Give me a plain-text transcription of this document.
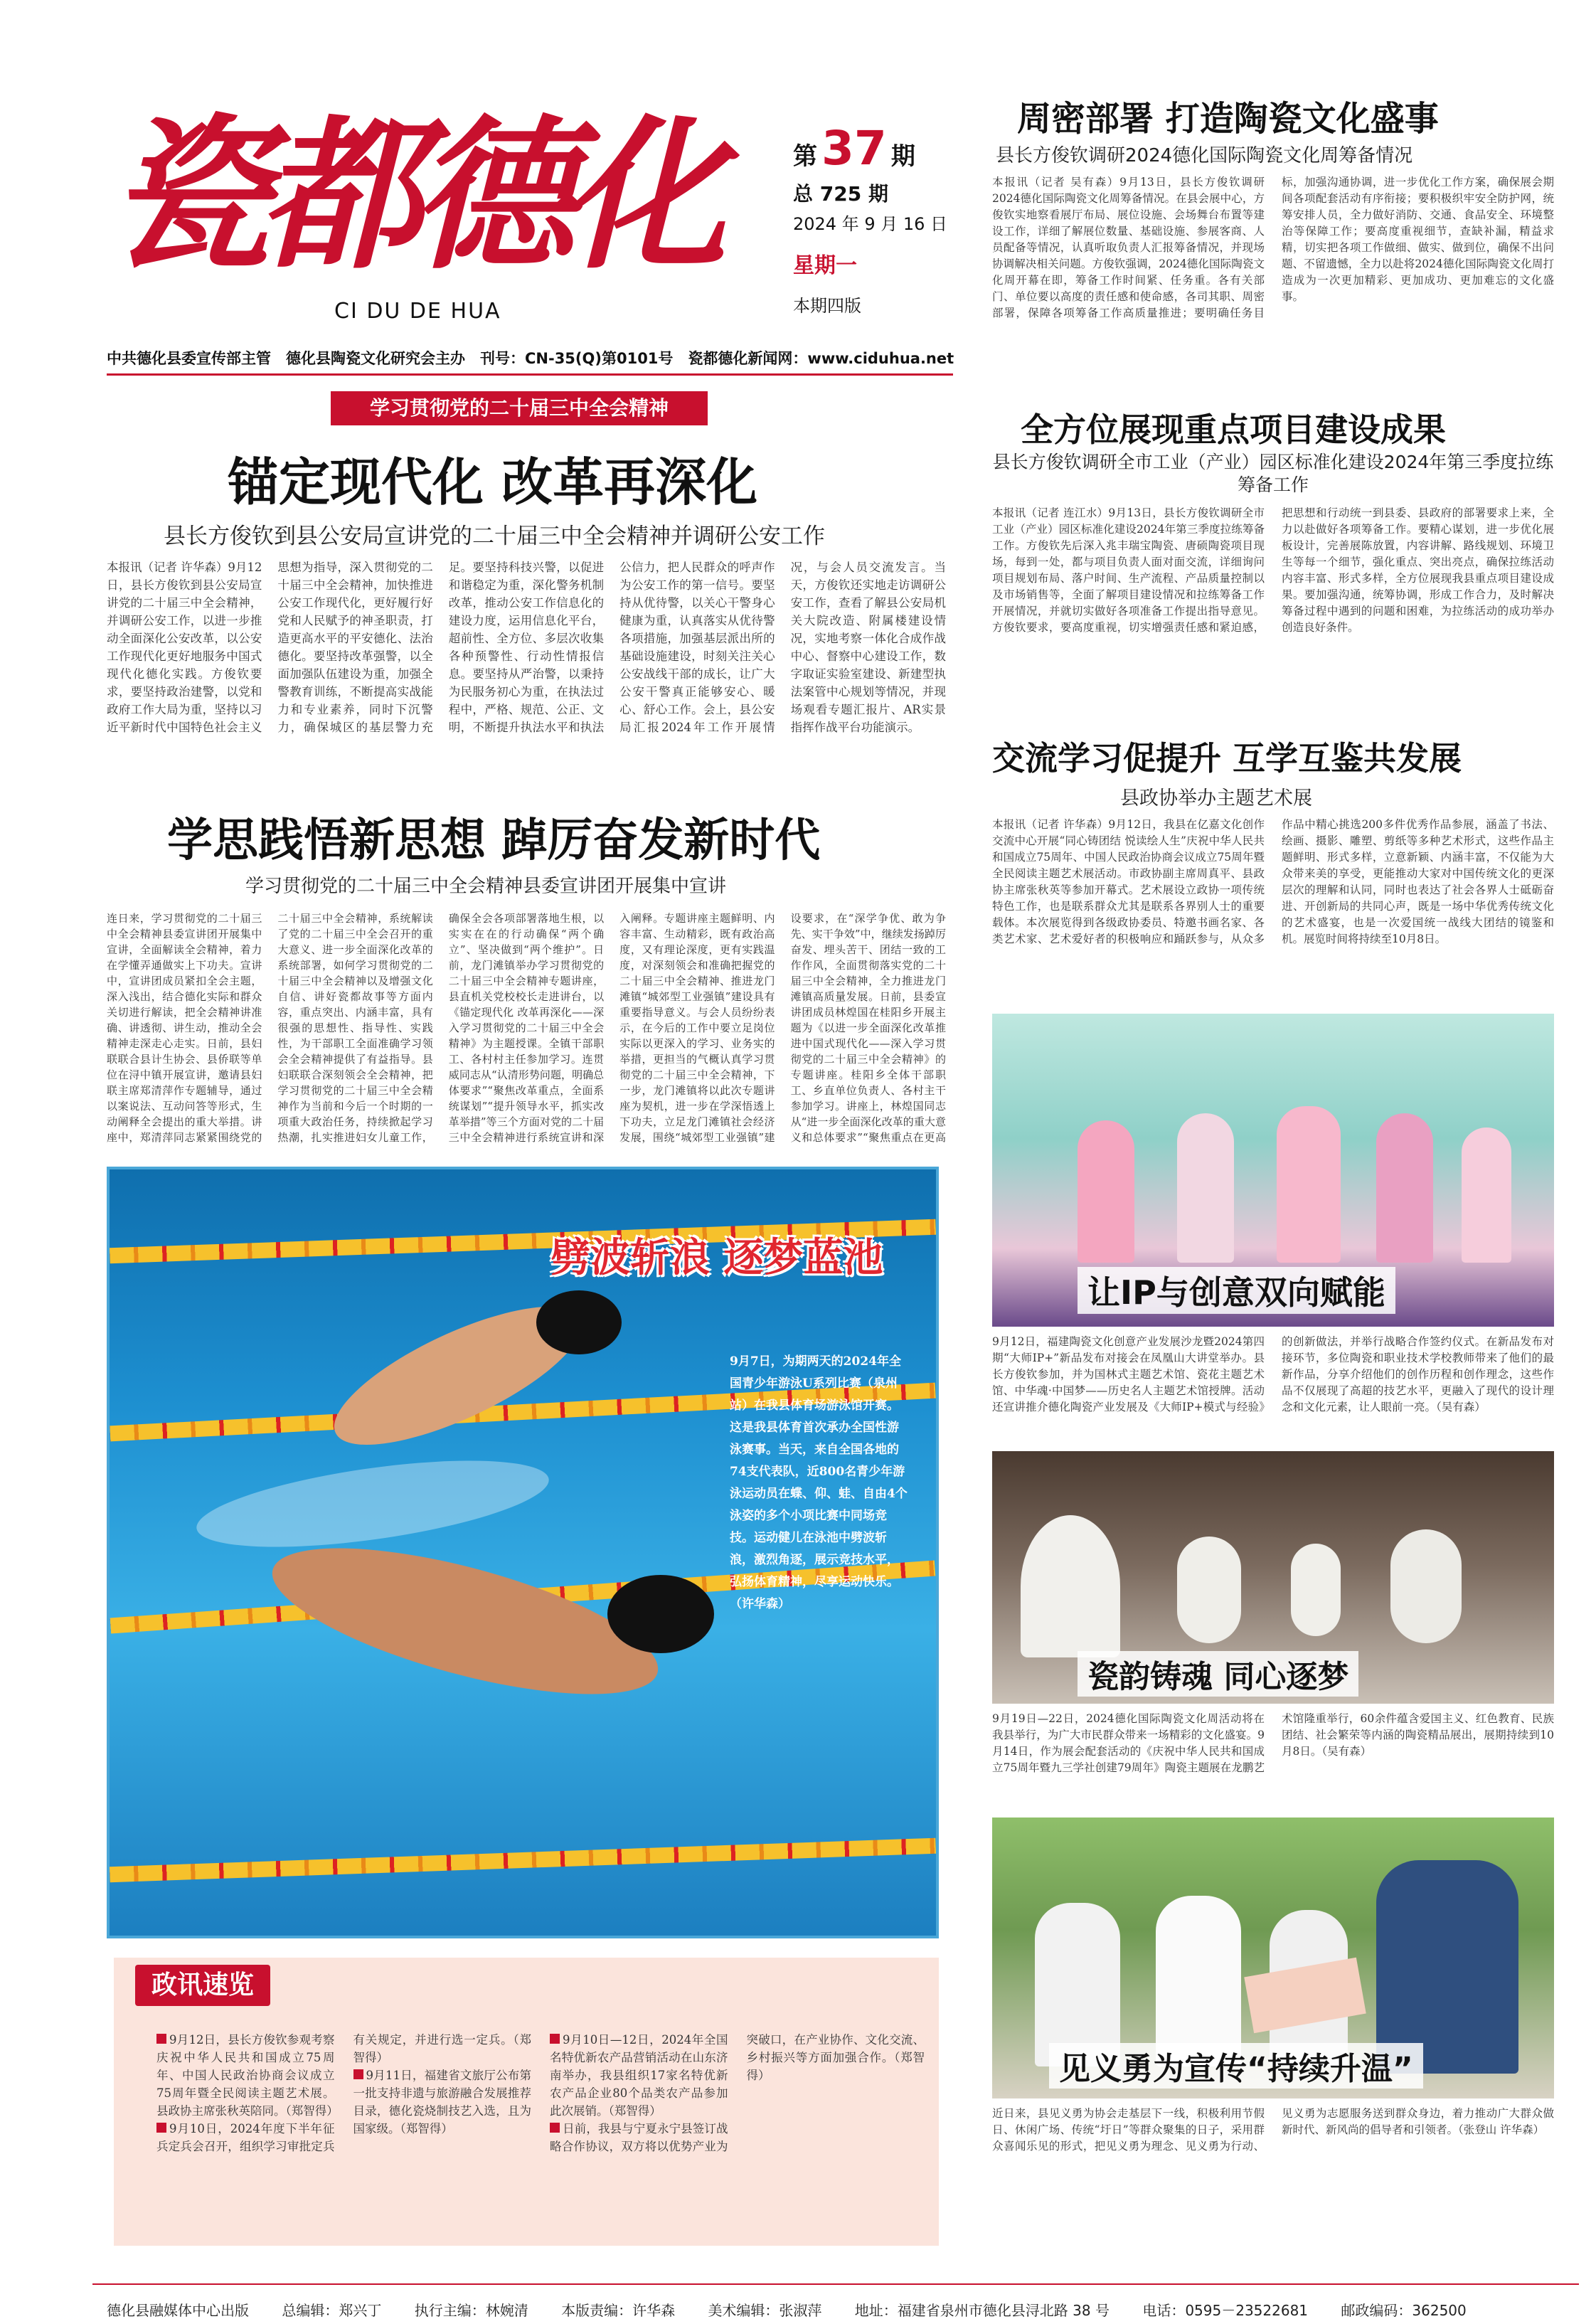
瓷都德化
CI DU DE HUA
第37 期
总 725 期
2024 年 9 月 16 日
星期一
本期四版
中共德化县委宣传部主管　德化县陶瓷文化研究会主办　刊号：CN-35(Q)第0101号　瓷都德化新闻网：www.ciduhua.net
学习贯彻党的二十届三中全会精神
锚定现代化 改革再深化
县长方俊钦到县公安局宣讲党的二十届三中全会精神并调研公安工作
本报讯（记者 许华森）9月12日，县长方俊钦到县公安局宣讲党的二十届三中全会精神，并调研公安工作，以进一步推动全面深化公安改革，以公安工作现代化更好地服务中国式现代化德化实践。方俊钦要求，要坚持政治建警，以党和政府工作大局为重，坚持以习近平新时代中国特色社会主义思想为指导，深入贯彻党的二十届三中全会精神，加快推进公安工作现代化，更好履行好党和人民赋予的神圣职责，打造更高水平的平安德化、法治德化。要坚持改革强警，以全面加强队伍建设为重，加强全警教育训练，不断提高实战能力和专业素养，同时下沉警力，确保城区的基层警力充足。要坚持科技兴警，以促进和谐稳定为重，深化警务机制改革，推动公安工作信息化的建设力度，运用信息化平台，超前性、全方位、多层次收集各种预警性、行动性情报信息。要坚持从严治警，以秉持为民服务初心为重，在执法过程中，严格、规范、公正、文明，不断提升执法水平和执法公信力，把人民群众的呼声作为公安工作的第一信号。要坚持从优待警，以关心干警身心健康为重，认真落实从优待警各项措施，加强基层派出所的基础设施建设，时刻关注关心公安战线干部的成长，让广大公安干警真正能够安心、暖心、舒心工作。会上，县公安局汇报2024年工作开展情况，与会人员交流发言。当天，方俊钦还实地走访调研公安工作，查看了解县公安局机关大院改造、附属楼建设情况，实地考察一体化合成作战中心、督察中心建设工作，数字取证实验室建设、新建型执法案管中心规划等情况，并现场观看专题汇报片、AR实景指挥作战平台功能演示。
学思践悟新思想 踔厉奋发新时代
学习贯彻党的二十届三中全会精神县委宣讲团开展集中宣讲
连日来，学习贯彻党的二十届三中全会精神县委宣讲团开展集中宣讲，全面解读全会精神，着力在学懂弄通做实上下功夫。宣讲中，宣讲团成员紧扣全会主题，深入浅出，结合德化实际和群众关切进行解读，把全会精神讲准确、讲透彻、讲生动，推动全会精神走深走心走实。日前，县妇联联合县计生协会、县侨联等单位在浔中镇开展宣讲，邀请县妇联主席郑清萍作专题辅导，通过以案说法、互动问答等形式，生动阐释全会提出的重大举措。讲座中，郑清萍同志紧紧围绕党的二十届三中全会精神，系统解读了党的二十届三中全会召开的重大意义、进一步全面深化改革的系统部署，如何学习贯彻党的二十届三中全会精神以及增强文化自信、讲好瓷都故事等方面内容，重点突出、内涵丰富，具有很强的思想性、指导性、实践性，为干部职工全面准确学习领会全会精神提供了有益指导。县妇联联合深刻领会全会精神，把学习贯彻党的二十届三中全会精神作为当前和今后一个时期的一项重大政治任务，持续掀起学习热潮，扎实推进妇女儿童工作，确保全会各项部署落地生根，以实实在在的行动确保“两个确立”、坚决做到“两个维护”。日前，龙门滩镇举办学习贯彻党的二十届三中全会精神专题讲座，县直机关党校校长走进讲台，以《锚定现代化 改革再深化——深入学习贯彻党的二十届三中全会精神》为主题授课。全镇干部职工、各村村主任参加学习。连贯威同志从“认清形势问题，明确总体要求”“聚焦改革重点，全面系统谋划”“提升领导水平，抓实改革举措”等三个方面对党的二十届三中全会精神进行系统宣讲和深入阐释。专题讲座主题鲜明、内容丰富、生动精彩，既有政治高度，又有理论深度，更有实践温度，对深刻领会和准确把握党的二十届三中全会精神、推进龙门滩镇“城郊型工业强镇”建设具有重要指导意义。与会人员纷纷表示，在今后的工作中要立足岗位实际以更深入的学习、业务实的举措，更担当的气概认真学习贯彻党的二十届三中全会精神，下一步，龙门滩镇将以此次专题讲座为契机，进一步在学深悟透上下功夫，立足龙门滩镇社会经济发展，围绕“城郊型工业强镇”建设要求，在“深学争优、敢为争先、实干争效”中，继续发扬踔厉奋发、埋头苦干、团结一致的工作作风，全面贯彻落实党的二十届三中全会精神，全力推进龙门滩镇高质量发展。日前，县委宣讲团成员林煌国在桂阳乡开展主题为《以进一步全面深化改革推进中国式现代化——深入学习贯彻党的二十届三中全会精神》的专题讲座。桂阳乡全体干部职工、乡直单位负责人、各村主干参加学习。讲座上，林煌国同志从“进一步全面深化改革的重大意义和总体要求”“聚焦重点在更高
劈波斩浪 逐梦蓝池
9月7日，为期两天的2024年全国青少年游泳U系列比赛（泉州站）在我县体育场游泳馆开赛。这是我县体育首次承办全国性游泳赛事。当天，来自全国各地的74支代表队，近800名青少年游泳运动员在蝶、仰、蛙、自由4个泳姿的多个小项比赛中同场竞技。运动健儿在泳池中劈波斩浪，激烈角逐，展示竞技水平，弘扬体育精神，尽享运动快乐。（许华森）
政讯速览

9月12日，县长方俊钦参观考察庆祝中华人民共和国成立75周年、中国人民政治协商会议成立75周年暨全民阅读主题艺术展。县政协主席张秋英陪同。（郑智得）

9月10日，2024年度下半年征兵定兵会召开，组织学习审批定兵有关规定，并进行选一定兵。（郑智得）

9月11日，福建省文旅厅公布第一批支持非遗与旅游融合发展推荐目录，德化瓷烧制技艺入选，且为国家级。（郑智得）

9月10日—12日，2024年全国名特优新农产品营销活动在山东济南举办，我县组织17家名特优新农产品企业80个品类农产品参加此次展销。（郑智得）

日前，我县与宁夏永宁县签订战略合作协议，双方将以优势产业为突破口，在产业协作、文化交流、乡村振兴等方面加强合作。（郑智得）

周密部署 打造陶瓷文化盛事
县长方俊钦调研2024德化国际陶瓷文化周筹备情况
本报讯（记者 吴有森）9月13日，县长方俊钦调研2024德化国际陶瓷文化周筹备情况。在县会展中心，方俊钦实地察看展厅布局、展位设施、会场舞台布置等建设工作，详细了解展位数量、基础设施、参展客商、人员配备等情况，认真听取负责人汇报筹备情况，并现场协调解决相关问题。方俊钦强调，2024德化国际陶瓷文化周开幕在即，筹备工作时间紧、任务重。各有关部门、单位要以高度的责任感和使命感，各司其职、周密部署，保障各项筹备工作高质量推进；要明确任务目标，加强沟通协调，进一步优化工作方案，确保展会期间各项配套活动有序衔接；要积极织牢安全防护网，统筹安排人员，全力做好消防、交通、食品安全、环境整治等保障工作；要高度重视细节，查缺补漏，精益求精，切实把各项工作做细、做实、做到位，确保不出问题、不留遗憾，全力以赴将2024德化国际陶瓷文化周打造成为一次更加精彩、更加成功、更加难忘的文化盛事。
全方位展现重点项目建设成果
县长方俊钦调研全市工业（产业）园区标准化建设2024年第三季度拉练筹备工作
本报讯（记者 连江水）9月13日，县长方俊钦调研全市工业（产业）园区标准化建设2024年第三季度拉练筹备工作。方俊钦先后深入兆丰瑞宝陶瓷、唐硕陶瓷项目现场，每到一处，都与项目负责人面对面交流，详细询问项目规划布局、落户时间、生产流程、产品质量控制以及市场销售等，全面了解项目建设情况和拉练筹备工作开展情况，并就切实做好各项准备工作提出指导意见。方俊钦要求，要高度重视，切实增强责任感和紧迫感，把思想和行动统一到县委、县政府的部署要求上来，全力以赴做好各项筹备工作。要精心谋划，进一步优化展板设计，完善展陈放置，内容讲解、路线规划、环境卫生等每一个细节，强化重点、突出亮点，确保拉练活动内容丰富、形式多样，全方位展现我县重点项目建设成果。要加强沟通，统筹协调，形成工作合力，及时解决筹备过程中遇到的问题和困难，为拉练活动的成功举办创造良好条件。
交流学习促提升 互学互鉴共发展
县政协举办主题艺术展
本报讯（记者 许华森）9月12日，我县在亿嘉文化创作交流中心开展“同心铸团结 悦读绘人生”庆祝中华人民共和国成立75周年、中国人民政治协商会议成立75周年暨全民阅读主题艺术展活动。市政协副主席周真平、县政协主席张秋英等参加开幕式。艺术展设立政协一项传统特色工作，也是联系群众尤其是联系各界别人士的重要载体。本次展览得到各级政协委员、特邀书画名家、各类艺术家、艺术爱好者的积极响应和踊跃参与，从众多作品中精心挑选200多件优秀作品参展，涵盖了书法、绘画、摄影、雕塑、剪纸等多种艺术形式，这些作品主题鲜明、形式多样，立意新颖、内涵丰富，不仅能为大众带来美的享受，更能推动大家对中国传统文化的更深层次的理解和认同，同时也表达了社会各界人士砥砺奋进、开创新局的共同心声，既是一场中华优秀传统文化的艺术盛宴，也是一次爱国统一战线大团结的镜鉴和机。展览时间将持续至10月8日。
让IP与创意双向赋能
9月12日，福建陶瓷文化创意产业发展沙龙暨2024第四期“大师IP+”新品发布对接会在凤凰山大讲堂举办。县长方俊钦参加，并为国林式主题艺术馆、瓷花主题艺术馆、中华魂·中国梦——历史名人主题艺术馆授牌。活动还宣讲推介德化陶瓷产业发展及《大师IP+模式与经验》的创新做法，并举行战略合作签约仪式。在新品发布对接环节，多位陶瓷和职业技术学校教师带来了他们的最新作品，分享介绍他们的创作历程和创作理念，这些作品不仅展现了高超的技艺水平，更融入了现代的设计理念和文化元素，让人眼前一亮。（吴有森）
瓷韵铸魂 同心逐梦
9月19日—22日，2024德化国际陶瓷文化周活动将在我县举行，为广大市民群众带来一场精彩的文化盛宴。9月14日，作为展会配套活动的《庆祝中华人民共和国成立75周年暨九三学社创建79周年》陶瓷主题展在龙鹏艺术馆隆重举行，60余件蕴含爱国主义、红色教育、民族团结、社会繁荣等内涵的陶瓷精品展出，展期持续到10月8日。（吴有森）
见义勇为宣传“持续升温”
近日来，县见义勇为协会走基层下一线，积极利用节假日、休闲广场、传统“圩日”等群众聚集的日子，采用群众喜闻乐见的形式，把见义勇为理念、见义勇为行动、见义勇为志愿服务送到群众身边，着力推动广大群众做新时代、新风尚的倡导者和引领者。（张登山 许华森）
德化县融媒体中心出版　　 总编辑：郑兴丁　　 执行主编：林婉清　　 本版责编：许华森　　 美术编辑：张淑萍　　 地址：福建省泉州市德化县浔北路 38 号　　 电话：0595－23522681　　 邮政编码：362500
